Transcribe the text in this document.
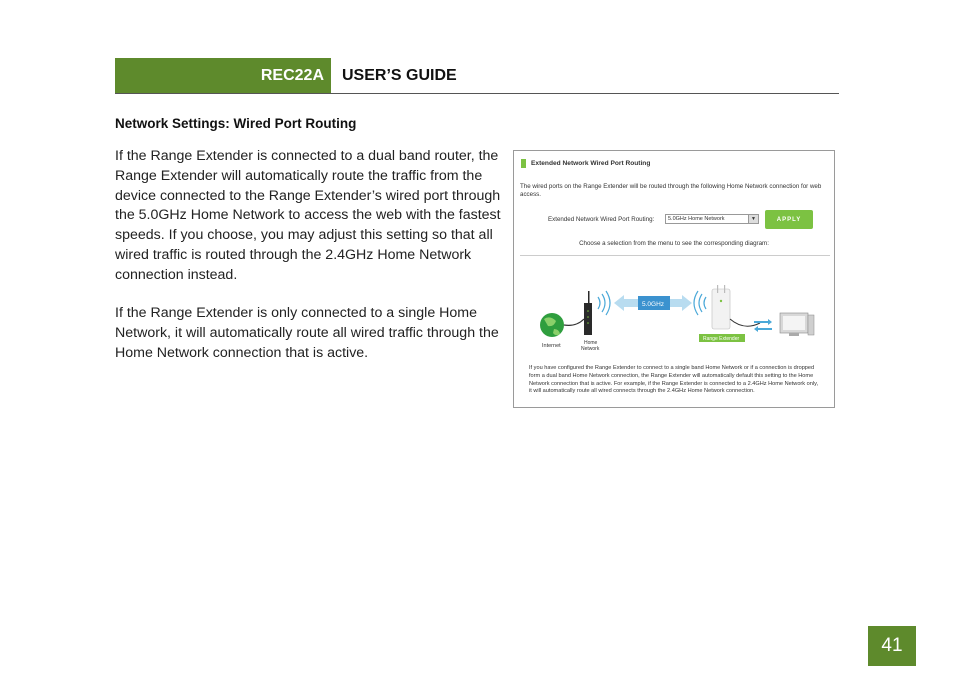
REC22A USER’S GUIDE
Network Settings: Wired Port Routing

If the Range Extender is connected to a dual band router, the Range Extender will automatically route the traffic from the device connected to the Range Extender’s wired port through the 5.0GHz Home Network to access the web with the fastest speeds. If you choose, you may adjust this setting so that all wired traffic is routed through the 2.4GHz Home Network connection instead.

If the Range Extender is only connected to a single Home Network, it will automatically route all wired traffic through the Home Network connection that is active.

Extended Network Wired Port Routing
The wired ports on the Range Extender will be routed through the following Home Network connection for web access.
Extended Network Wired Port Routing:	5.0GHz Home Network	▼	APPLY
Choose a selection from the menu to see the corresponding diagram:
Internet	Home
Network
5.0GHz
Range Extender
If you have configured the Range Extender to connect to a single band Home Network or if a connection is dropped form a dual band Home Network connection, the Range Extender will automatically default this setting to the Home Network connection that is active. For example, if the Range Extender is connected to a 2.4GHz Home Network only, it will automatically route all wired connects through the 2.4GHz Home Network connection.
41
